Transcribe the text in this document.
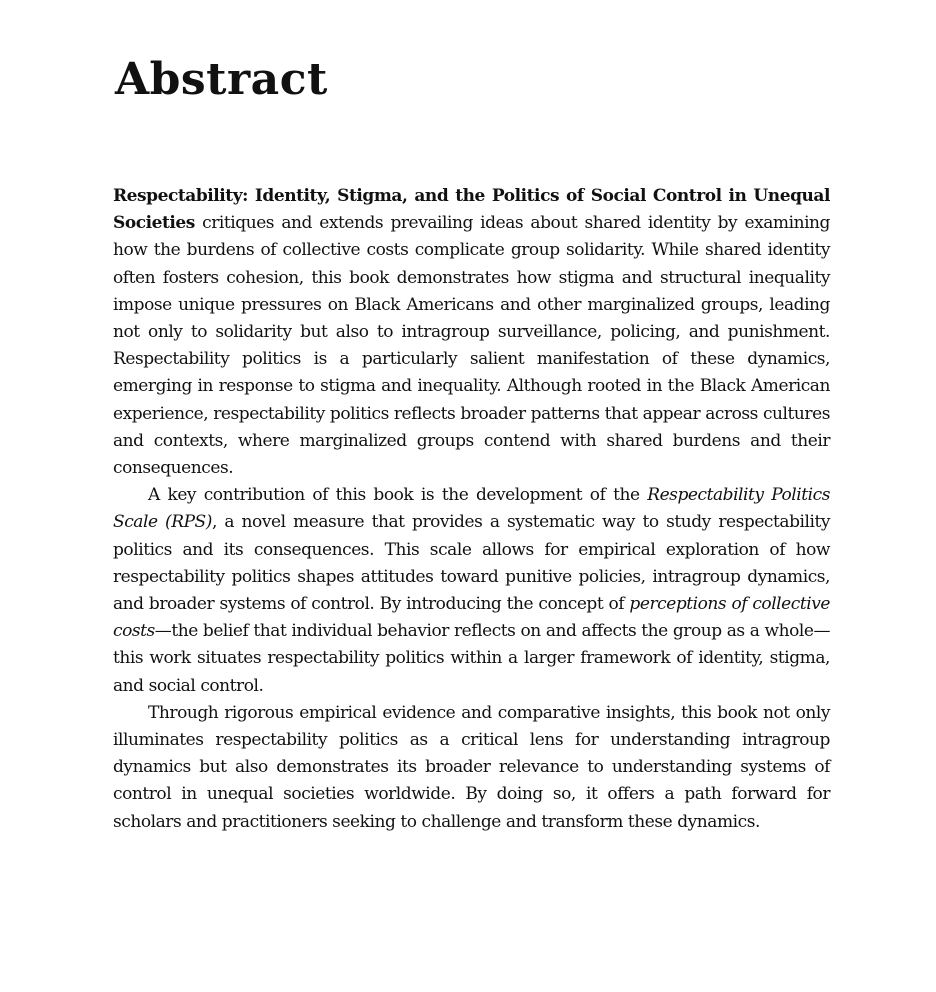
Abstract

Respectability: Identity, Stigma, and the Politics of Social Control in Unequal Societies critiques and extends prevailing ideas about shared identity by examining how the burdens of collective costs complicate group solidarity. While shared identity often fosters cohesion, this book demonstrates how stigma and structural inequality impose unique pressures on Black Americans and other marginalized groups, leading not only to solidarity but also to intragroup surveillance, policing, and punishment. Respectability politics is a particularly salient manifestation of these dynamics, emerging in response to stigma and inequality. Although rooted in the Black American experience, respectability politics reflects broader patterns that appear across cultures and contexts, where marginalized groups contend with shared burdens and their consequences.

A key contribution of this book is the development of the Respectability Politics Scale (RPS), a novel measure that provides a systematic way to study respectability politics and its consequences. This scale allows for empirical exploration of how respectability politics shapes attitudes toward punitive policies, intragroup dynamics, and broader systems of control. By introducing the concept of perceptions of collective costs—the belief that individual behavior reflects on and affects the group as a whole—this work situates respectability politics within a larger framework of identity, stigma, and social control.

Through rigorous empirical evidence and comparative insights, this book not only illuminates respectability politics as a critical lens for understanding intragroup dynamics but also demonstrates its broader relevance to understanding systems of control in unequal societies worldwide. By doing so, it offers a path forward for scholars and practitioners seeking to challenge and transform these dynamics.
